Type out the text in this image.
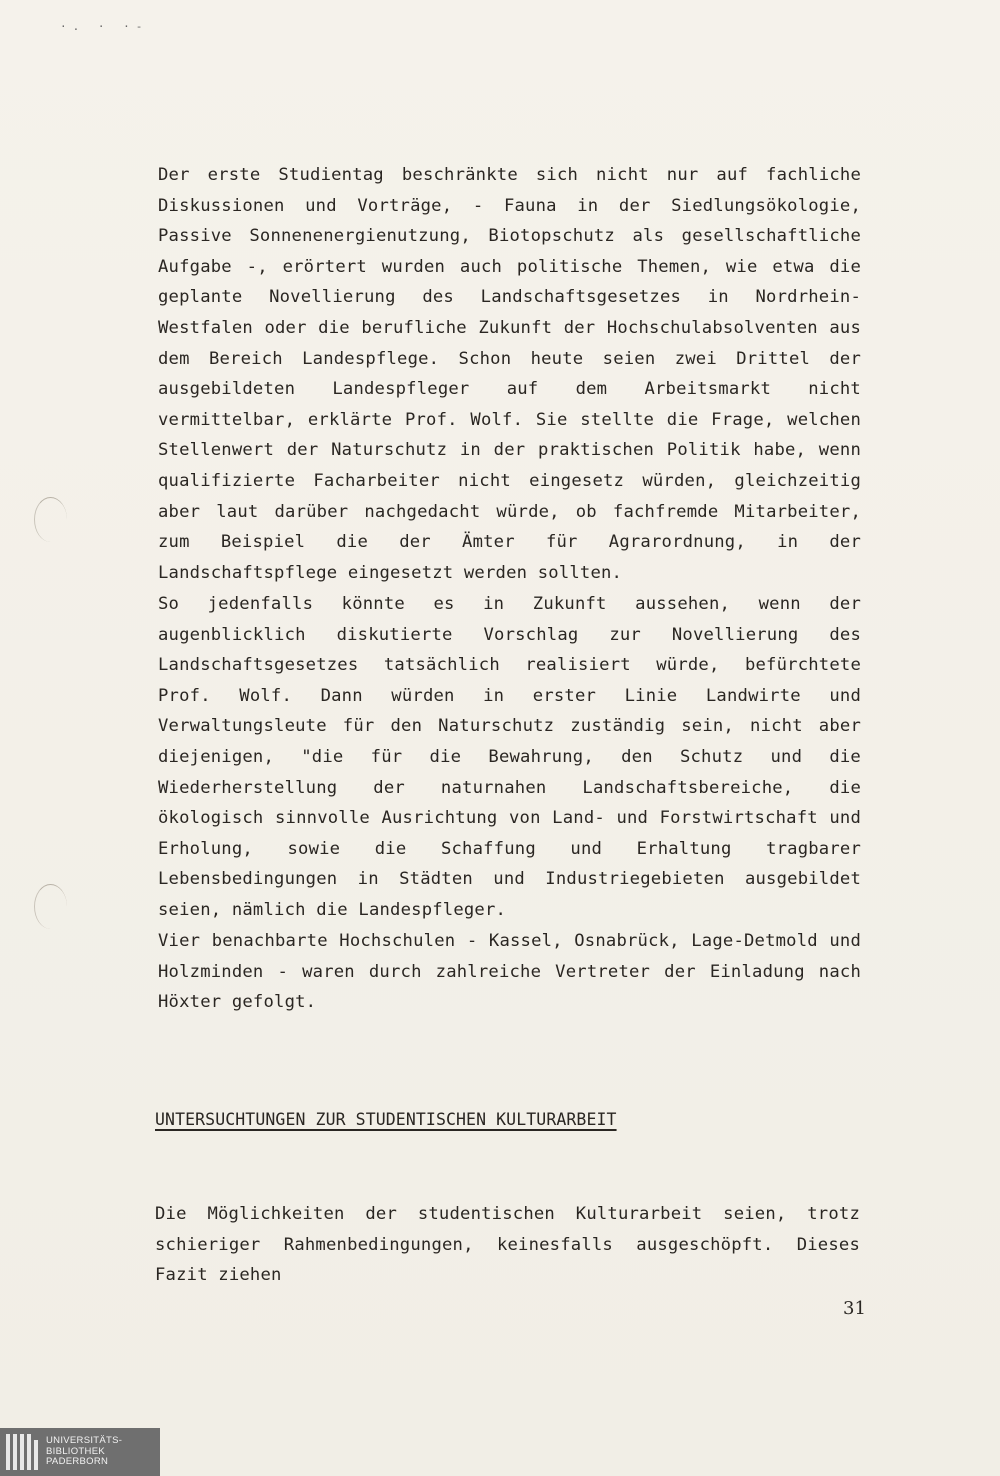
·. · ·-

Der erste Studientag beschränkte sich nicht nur auf fachliche Diskussionen und Vorträge, - Fauna in der Siedlungsökologie, Passive Sonnenenergienutzung, Biotopschutz als gesellschaftliche Aufgabe -, erörtert wurden auch politische Themen, wie etwa die geplante Novellierung des Landschaftsgesetzes in Nordrhein-Westfalen oder die berufliche Zukunft der Hochschulabsolventen aus dem Bereich Landespflege. Schon heute seien zwei Drittel der ausgebildeten Landespfleger auf dem Arbeitsmarkt nicht vermittelbar, erklärte Prof. Wolf. Sie stellte die Frage, welchen Stellenwert der Naturschutz in der praktischen Politik habe, wenn qualifizierte Facharbeiter nicht eingesetz würden, gleichzeitig aber laut darüber nachgedacht würde, ob fachfremde Mitarbeiter, zum Beispiel die der Ämter für Agrarordnung, in der Landschaftspflege eingesetzt werden sollten.

So jedenfalls könnte es in Zukunft aussehen, wenn der augenblicklich diskutierte Vorschlag zur Novellierung des Landschaftsgesetzes tatsächlich realisiert würde, befürchtete Prof. Wolf. Dann würden in erster Linie Landwirte und Verwaltungsleute für den Naturschutz zuständig sein, nicht aber diejenigen, "die für die Bewahrung, den Schutz und die Wiederherstellung der naturnahen Landschaftsbereiche, die ökologisch sinnvolle Ausrichtung von Land- und Forstwirtschaft und Erholung, sowie die Schaffung und Erhaltung tragbarer Lebensbedingungen in Städten und Industriegebieten ausgebildet seien, nämlich die Landespfleger.

Vier benachbarte Hochschulen - Kassel, Osnabrück, Lage-Detmold und Holzminden - waren durch zahlreiche Vertreter der Einladung nach Höxter gefolgt.

UNTERSUCHTUNGEN ZUR STUDENTISCHEN KULTURARBEIT

Die Möglichkeiten der studentischen Kulturarbeit seien, trotz schieriger Rahmenbedingungen, keinesfalls ausgeschöpft. Dieses Fazit ziehen

31
UNIVERSITÄTS-
BIBLIOTHEK
PADERBORN
